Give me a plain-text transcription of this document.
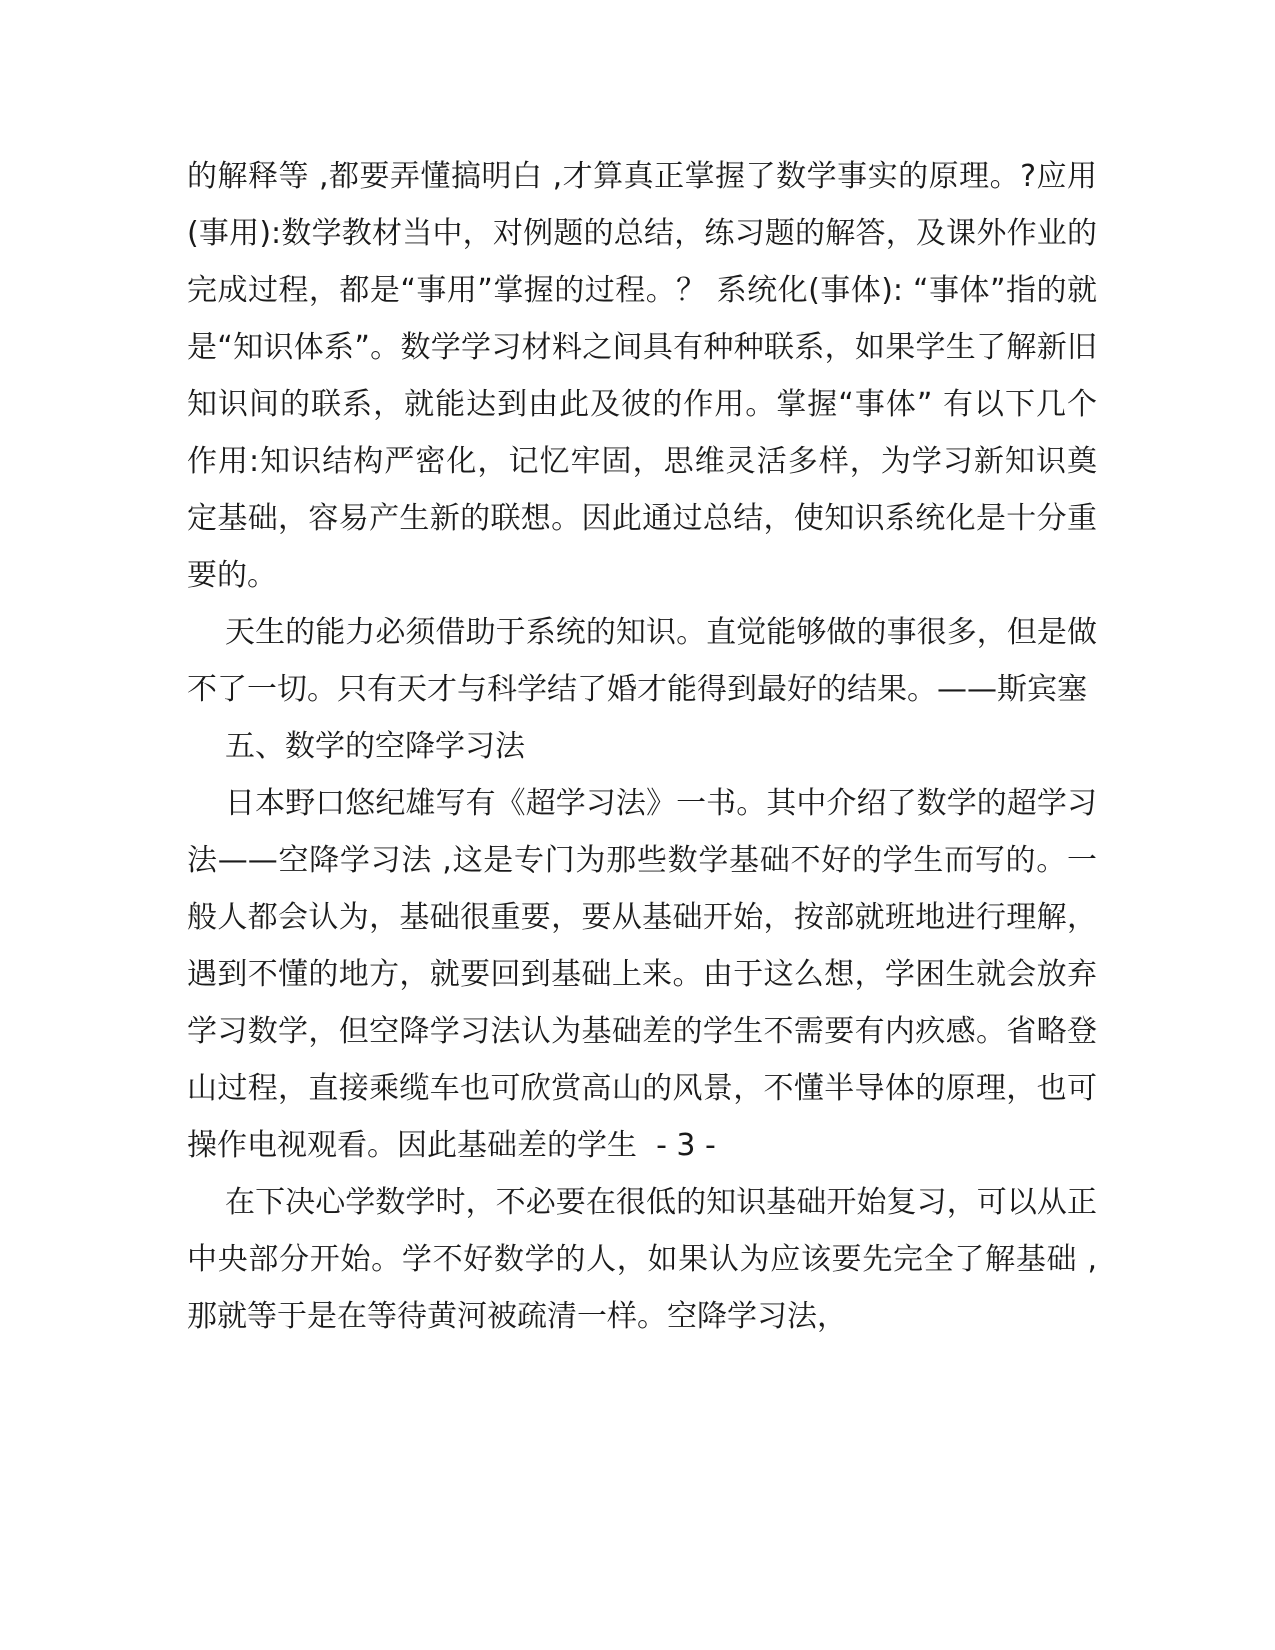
的解释等 ,都要弄懂搞明白 ,才算真正掌握了数学事实的原理。?应用(事用):数学教材当中，对例题的总结，练习题的解答，及课外作业的完成过程，都是“事用”掌握的过程。？ 系统化(事体): “事体”指的就是“知识体系”。数学学习材料之间具有种种联系，如果学生了解新旧知识间的联系，就能达到由此及彼的作用。掌握“事体” 有以下几个作用:知识结构严密化，记忆牢固，思维灵活多样，为学习新知识奠定基础，容易产生新的联想。因此通过总结，使知识系统化是十分重要的。

天生的能力必须借助于系统的知识。直觉能够做的事很多，但是做不了一切。只有天才与科学结了婚才能得到最好的结果。——斯宾塞

五、数学的空降学习法

日本野口悠纪雄写有《超学习法》一书。其中介绍了数学的超学习法——空降学习法 ,这是专门为那些数学基础不好的学生而写的。一般人都会认为，基础很重要，要从基础开始，按部就班地进行理解，遇到不懂的地方，就要回到基础上来。由于这么想，学困生就会放弃学习数学，但空降学习法认为基础差的学生不需要有内疚感。省略登山过程，直接乘缆车也可欣赏高山的风景，不懂半导体的原理，也可操作电视观看。因此基础差的学生  - 3 -

在下决心学数学时，不必要在很低的知识基础开始复习，可以从正中央部分开始。学不好数学的人，如果认为应该要先完全了解基础 ,那就等于是在等待黄河被疏清一样。空降学习法，
